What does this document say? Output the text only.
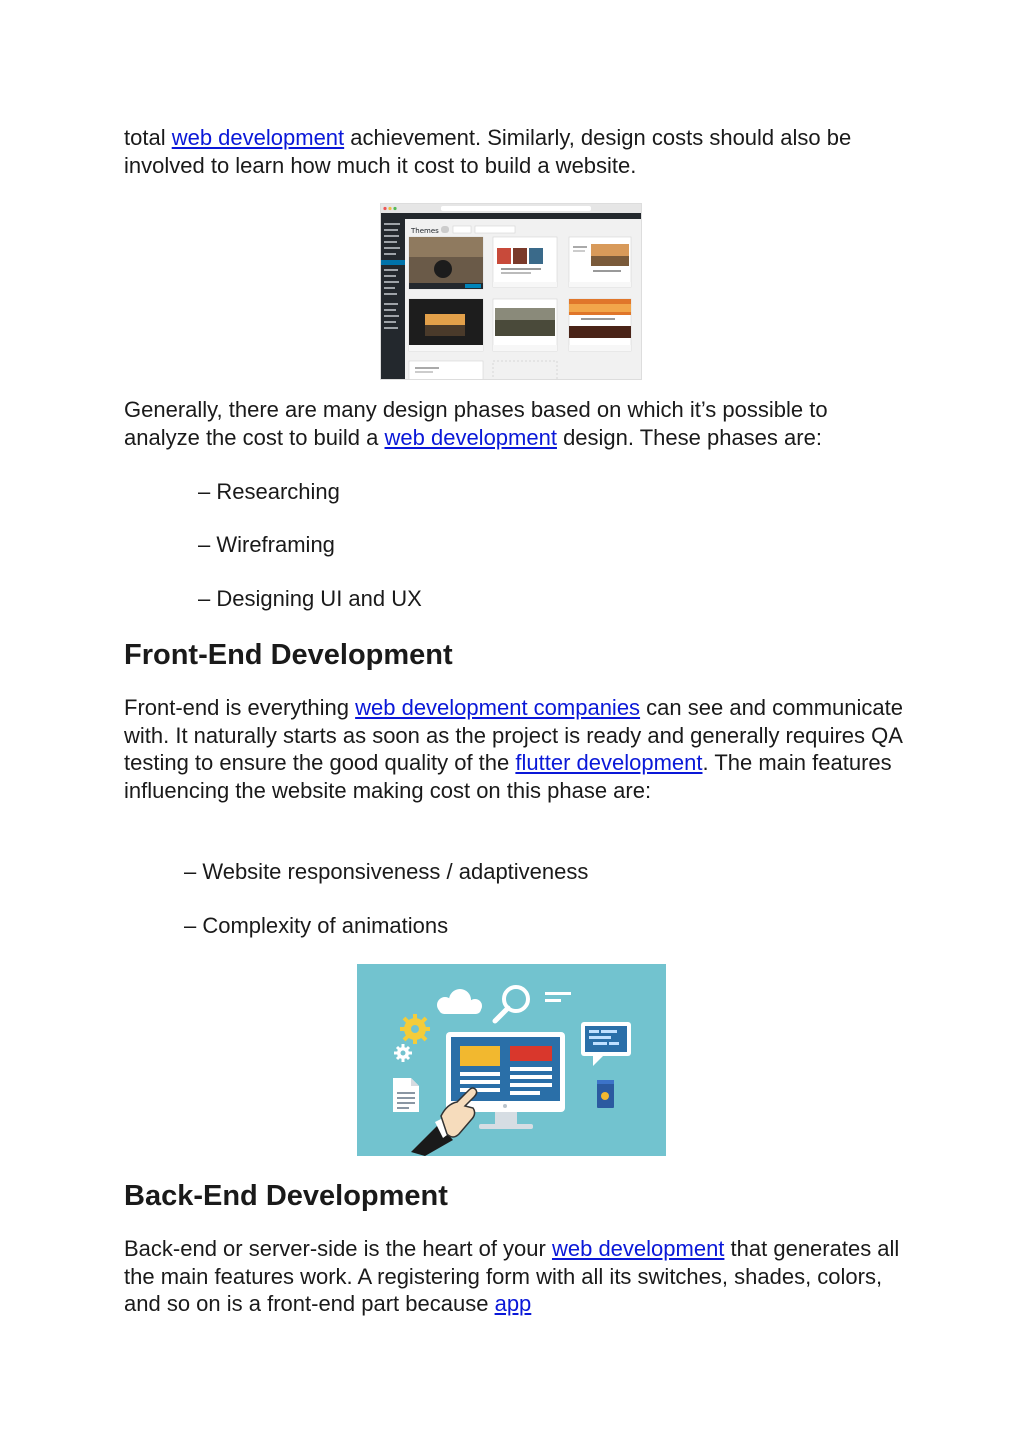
total web development achievement. Similarly, design costs should also be involved to learn how much it cost to build a website.

Themes

Generally, there are many design phases based on which it’s possible to analyze the cost to build a web development design. These phases are:

– Researching

– Wireframing

– Designing UI and UX

Front-End Development

Front-end is everything web development companies can see and communicate with. It naturally starts as soon as the project is ready and generally requires QA testing to ensure the good quality of the flutter development. The main features influencing the website making cost on this phase are:

– Website responsiveness / adaptiveness

– Complexity of animations

Back-End Development

Back-end or server-side is the heart of your web development that generates all the main features work. A registering form with all its switches, shades, colors, and so on is a front-end part because app
